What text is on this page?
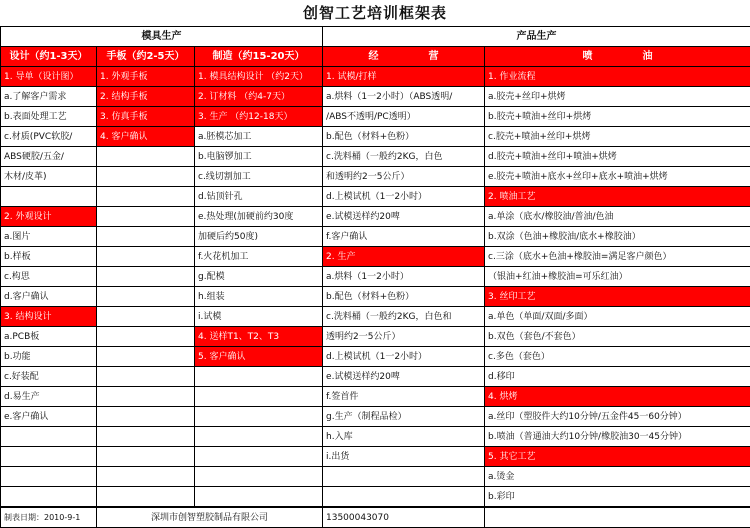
创智工艺培训框架表
模具生产			产品生产	
设计（约1-3天）	手板（约2-5天）	制造（约15-20天）	经　　　　　营	喷　　　　　油
1. 导单（设计图）	1. 外观手板	1. 模具结构设计 （约2天）	1. 试模/打样	1. 作业流程
a.了解客户需求	2. 结构手板	2. 订材料 （约4-7天）	a.烘料（1一2小时）（ABS透明/	a.胶壳+丝印+烘烤
b.表面处理工艺	3. 仿真手板	3. 生产 （约12-18天）	/ABS不透明/PC透明）	b.胶壳+喷油+丝印+烘烤
c.材质(PVC软胶/	4. 客户确认	a.胚模芯加工	b.配色（材料+色粉）	c.胶壳+喷油+丝印+烘烤
ABS硬胶/五金/		b.电脑锣加工	c.洗料桶（一般约2KG，白色	d.胶壳+喷油+丝印+喷油+烘烤
木材/皮革)		c.线切割加工	和透明约2一5公斤）	e.胶壳+喷油+底水+丝印+底水+喷油+烘烤
		d.钻顶针孔	d.上模试机（1一2小时）	2. 喷油工艺
2. 外观设计		e.热处理(加硬前约30度	e.试模送样约20啤	a.单涂（底水/橡胶油/普油/色油
a.图片		加硬后约50度)	f.客户确认	b.双涂（色油+橡胶油/底水+橡胶油）
b.样板		f.火花机加工	2. 生产	c.三涂（底水+色油+橡胶油=满足客户颜色）
c.构思		g.配模	a.烘料（1一2小时）	（银油+红油+橡胶油=可乐红油）
d.客户确认		h.组装	b.配色（材料+色粉）	3. 丝印工艺
3. 结构设计		i.试模	c.洗料桶（一般约2KG，白色和	a.单色（单面/双面/多面）
a.PCB板		4. 送样T1、T2、T3	透明约2一5公斤）	b.双色（套色/不套色）
b.功能		5. 客户确认	d.上模试机（1一2小时）	c.多色（套色）
c.好装配			e.试模送样约20啤	d.移印
d.易生产			f.签首件	4. 烘烤
e.客户确认			g.生产（制程品检）	a.丝印（塑胶件大约10分钟/五金件45一60分钟）
			h.入库	b.喷油（普通油大约10分钟/橡胶油30一45分钟）
			i.出货	5. 其它工艺
				a.烫金
				b.彩印
制表日期：2010-9-1	深圳市创智塑胶制品有限公司	13500043070	
